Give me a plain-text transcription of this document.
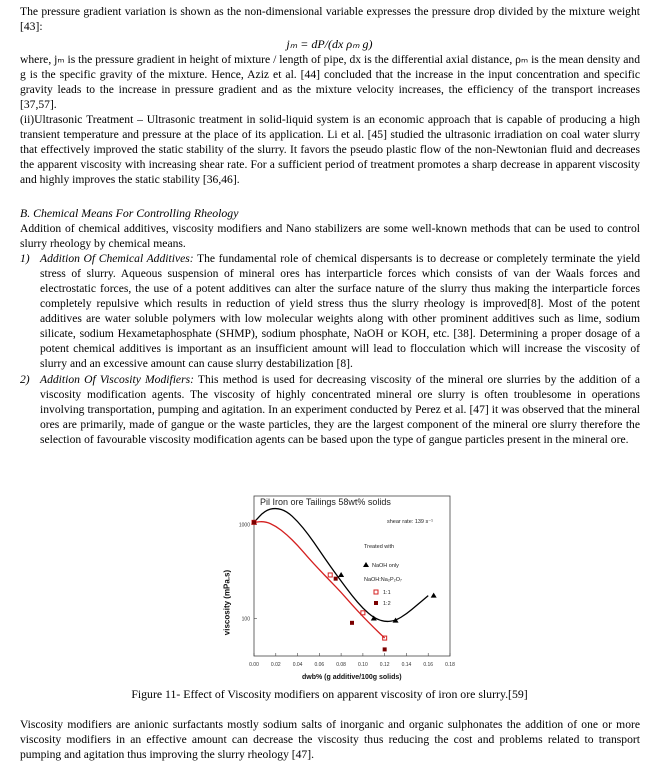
The pressure gradient variation is shown as the non-dimensional variable expresses the pressure drop divided by the mixture weight [43]:

jₘ = dP/(dx ρₘ g)

where, jₘ is the pressure gradient in height of mixture / length of pipe, dx is the differential axial distance, ρₘ is the mean density and g is the specific gravity of the mixture. Hence, Aziz et al. [44] concluded that the increase in the input concentration and specific gravity leads to the increase in pressure gradient and as the mixture velocity increases, the efficiency of the transport increases [37,57].

(ii)Ultrasonic Treatment – Ultrasonic treatment in solid-liquid system is an economic approach that is capable of producing a high transient temperature and pressure at the place of its application. Li et al. [45] studied the ultrasonic irradiation on coal water slurry that effectively improved the static stability of the slurry. It favors the pseudo plastic flow of the non-Newtonian fluid and decreases the apparent viscosity with increasing shear rate. For a sufficient period of treatment promotes a sharp decrease in apparent viscosity and highly improves the static stability [36,46].

B. Chemical Means For Controlling Rheology

Addition of chemical additives, viscosity modifiers and Nano stabilizers are some well-known methods that can be used to control slurry rheology by chemical means.

1) Addition Of Chemical Additives: The fundamental role of chemical dispersants is to decrease or completely terminate the yield stress of slurry. Aqueous suspension of mineral ores has interparticle forces which consists of van der Waals forces and electrostatic forces, the use of a potent additives can alter the surface nature of the slurry thus making the interparticle forces completely repulsive which results in reduction of yield stress thus the slurry rheology is improved[8]. Most of the potent additives are water soluble polymers with low molecular weights along with other prominent additives such as lime, sodium silicate, sodium Hexametaphosphate (SHMP), sodium phosphate, NaOH or KOH, etc. [38]. Determining a proper dosage of a potent chemical additives is important as an insufficient amount will lead to flocculation which will increase the viscosity of slurry and an excessive amount can cause slurry destabilization [8].
2) Addition Of Viscosity Modifiers: This method is used for decreasing viscosity of the mineral ore slurries by the addition of a viscosity modification agents. The viscosity of highly concentrated mineral ore slurry is often troublesome in operations involving transportation, pumping and agitation. In an experiment conducted by Perez et al. [47] it was observed that the mineral ores are primarily, made of gangue or the waste particles, they are the largest component of the mineral ore slurry therefore the selection of favourable viscosity modification agents can be based upon the type of gangue particles present in the mineral ore.
Pil Iron ore Tailings 58wt% solids
0.00 0.02 0.04 0.06 0.08 0.10 0.12 0.14 0.16 0.18
1000
100
shear rate: 139 s⁻¹
Treated with
NaOH only
NaOH:Na₂P₂O₇
1:1
1:2
dwb% (g additive/100g solids)
viscosity (mPa.s)
Figure 11- Effect of Viscosity modifiers on apparent viscosity of iron ore slurry.[59]

Viscosity modifiers are anionic surfactants mostly sodium salts of inorganic and organic sulphonates the addition of one or more viscosity modifiers in an effective amount can decrease the viscosity thus reducing the cost and problems related to transport pumping and agitation thus improving the slurry rheology [47].
